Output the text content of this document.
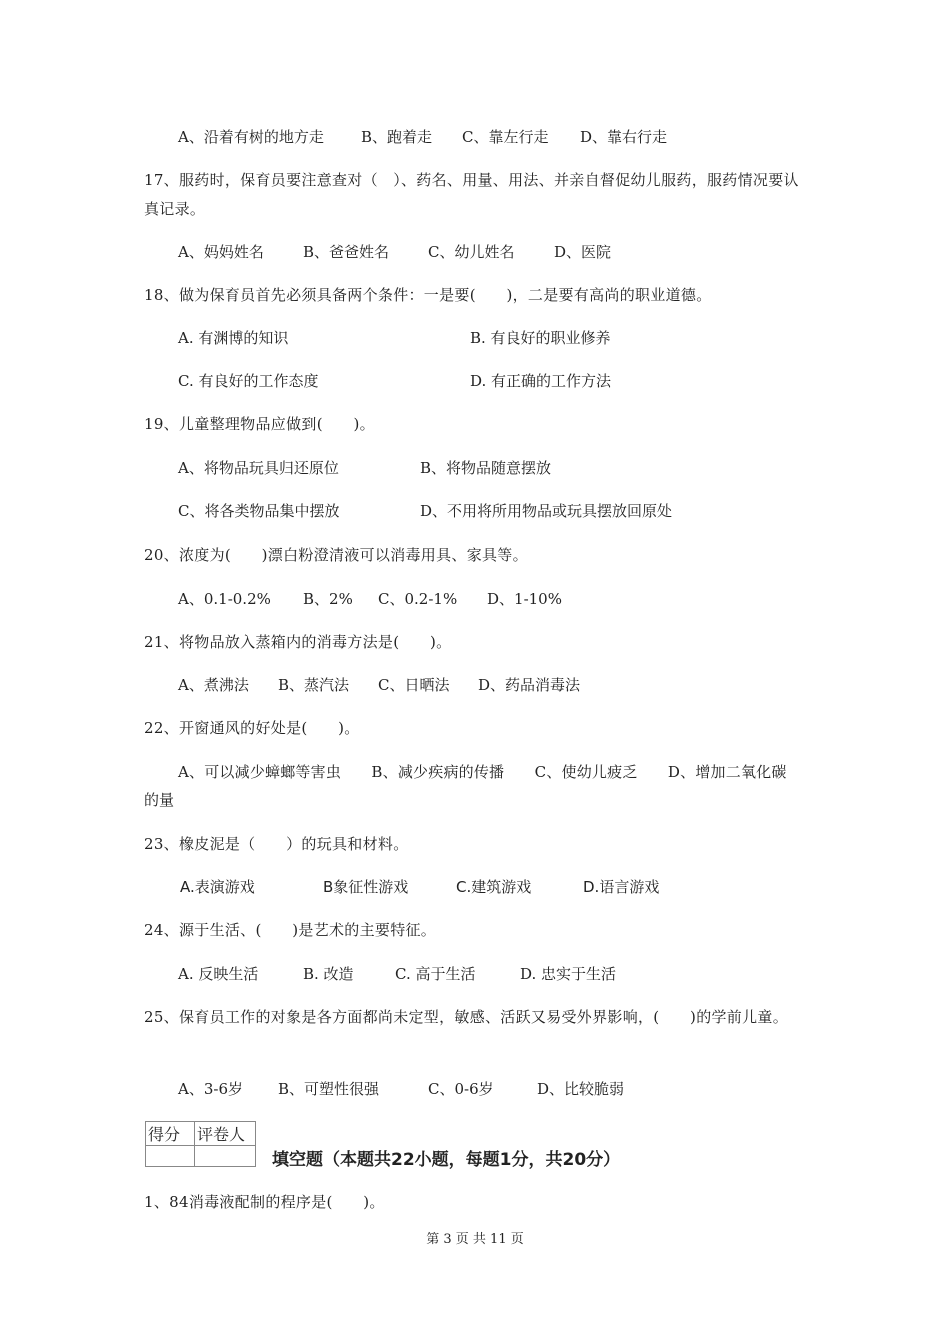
A、沿着有树的地方走 B、跑着走 C、靠左行走 D、靠右行走
17、服药时，保育员要注意查对（　）、药名、用量、用法、并亲自督促幼儿服药，服药情况要认真记录。
A、妈妈姓名	B、爸爸姓名	C、幼儿姓名	D、医院
18、做为保育员首先必须具备两个条件：一是要(　　)，二是要有高尚的职业道德。
A. 有渊博的知识	B. 有良好的职业修养
C. 有良好的工作态度	D. 有正确的工作方法
19、儿童整理物品应做到(　　)。
A、将物品玩具归还原位	B、将物品随意摆放
C、将各类物品集中摆放	D、不用将所用物品或玩具摆放回原处
20、浓度为(　　)漂白粉澄清液可以消毒用具、家具等。
A、0.1-0.2% B、2% C、0.2-1% D、1-10%
21、将物品放入蒸箱内的消毒方法是(　　)。
A、煮沸法 B、蒸汽法 C、日晒法 D、药品消毒法
22、开窗通风的好处是(　　)。
A、可以减少蟑螂等害虫　　B、减少疾病的传播　　C、使幼儿疲乏　　D、增加二氧化碳
的量
23、橡皮泥是（　　）的玩具和材料。
A.表演游戏	B象征性游戏	C.建筑游戏	D.语言游戏
24、源于生活、(　　)是艺术的主要特征。
A. 反映生活	B. 改造	C. 高于生活	D. 忠实于生活
25、保育员工作的对象是各方面都尚未定型，敏感、活跃又易受外界影响，(　　)的学前儿童。
A、3-6岁 B、可塑性很强	C、0-6岁	D、比较脆弱
得分	评卷人

填空题（本题共22小题，每题1分，共20分）
1、84消毒液配制的程序是(　　)。
第 3 页 共 11 页
